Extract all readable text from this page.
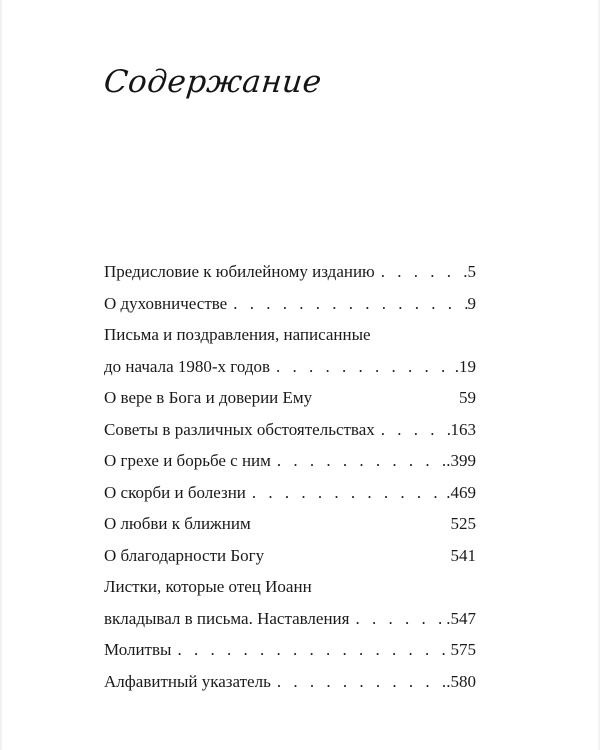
Содержание
Предисловие к юбилейному изданию . . .	5
О духовничестве . . .	9
Письма и поздравления, написанные
до начала 1980-х годов . . .	.19
О вере в Бога и доверии Ему	59
Советы в различных обстоятельствах . . .	163
О грехе и борьбе с ним . . .	.399
О скорби и болезни . . .	.469
О любви к ближним	525
О благодарности Богу	541
Листки, которые отец Иоанн
вкладывал в письма. Наставления . . .	.547
Молитвы . . .	575
Алфавитный указатель . . .	.580
